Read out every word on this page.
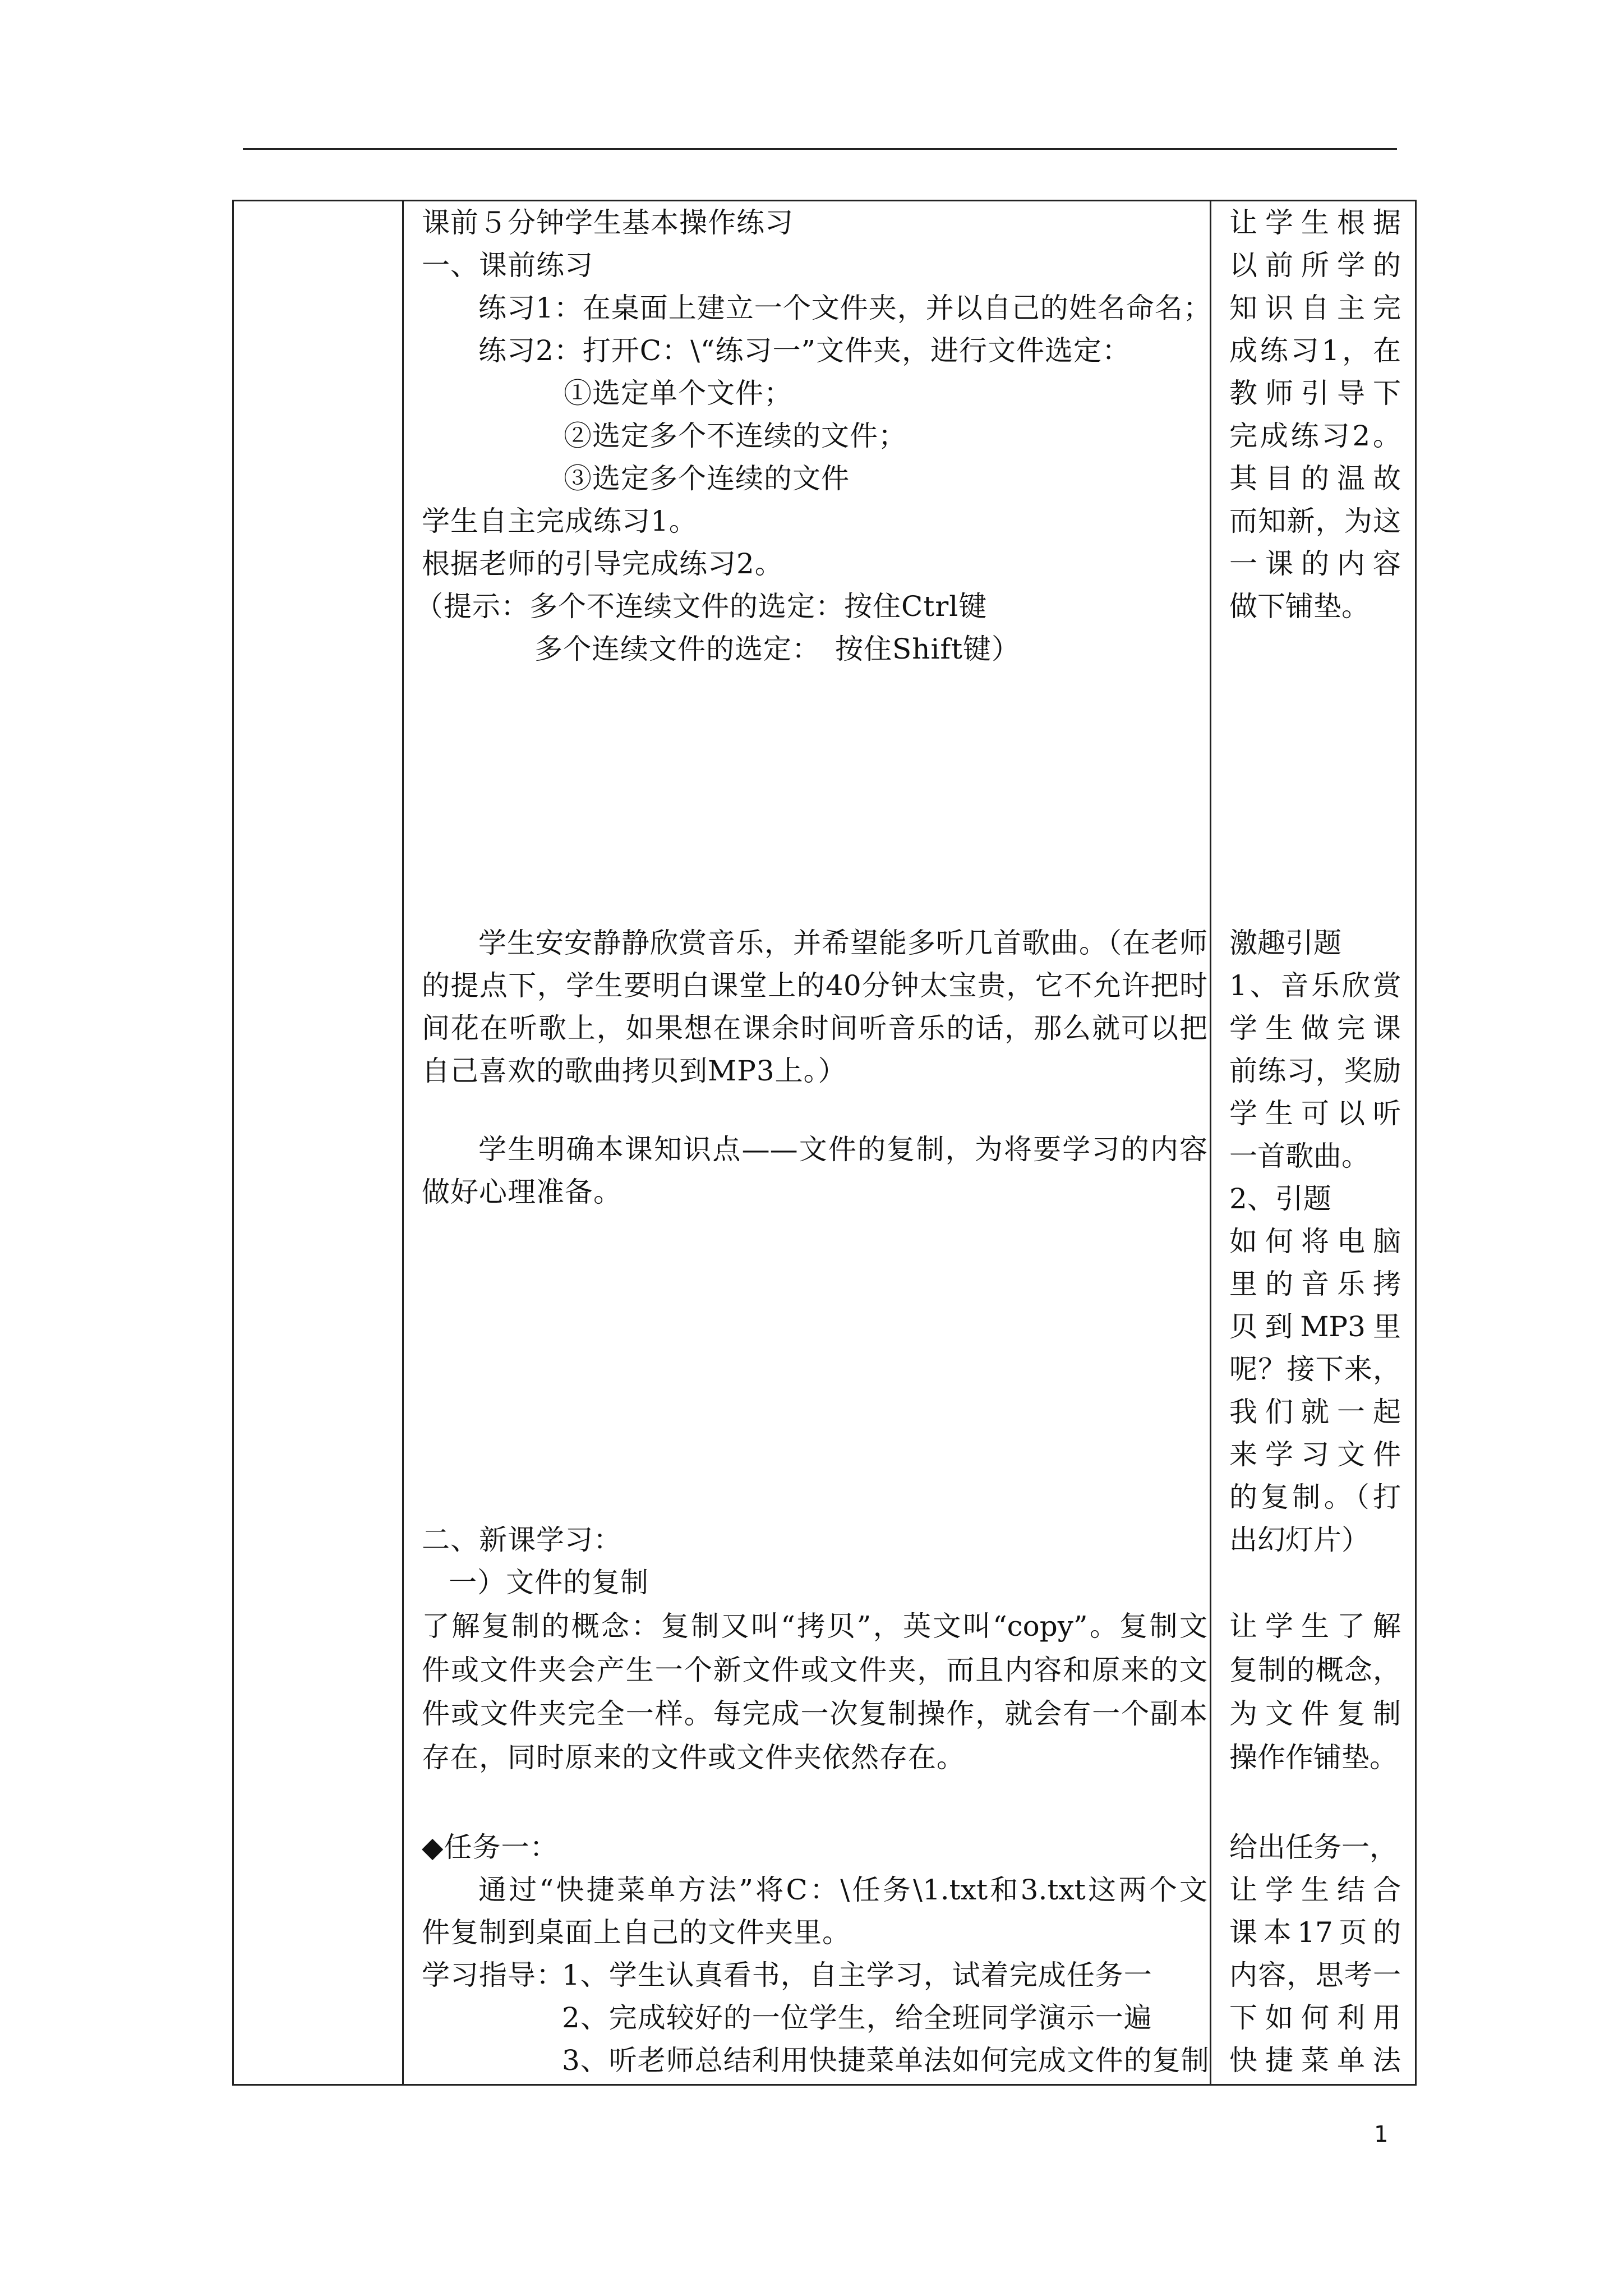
课前５分钟学生基本操作练习
一、课前练习
练习1：在桌面上建立一个文件夹，并以自己的姓名命名；
练习2：打开C：\“练习一”文件夹，进行文件选定：
①选定单个文件；
②选定多个不连续的文件；
③选定多个连续的文件
学生自主完成练习1。
根据老师的引导完成练习2。
（提示：多个不连续文件的选定：按住Ctrl键
多个连续文件的选定：　按住Shift键）
学生安安静静欣赏音乐，并希望能多听几首歌曲。（在老师
的提点下，学生要明白课堂上的40分钟太宝贵，它不允许把时
间花在听歌上，如果想在课余时间听音乐的话，那么就可以把
自己喜欢的歌曲拷贝到MP3上。）
学生明确本课知识点——文件的复制，为将要学习的内容
做好心理准备。
二、新课学习：
一）文件的复制
了解复制的概念：复制又叫“拷贝”，英文叫“copy”。复制文
件或文件夹会产生一个新文件或文件夹，而且内容和原来的文
件或文件夹完全一样。每完成一次复制操作，就会有一个副本
存在，同时原来的文件或文件夹依然存在。
◆任务一：
通过“快捷菜单方法”将C：\任务\1.txt和3.txt这两个文
件复制到桌面上自己的文件夹里。
学习指导：
1、学生认真看书，自主学习，试着完成任务一
2、完成较好的一位学生，给全班同学演示一遍
3、听老师总结利用快捷菜单法如何完成文件的复制
让学生根据
以前所学的
知识自主完
成练习1，在
教师引导下
完成练习2。
其目的温故
而知新，为这
一课的内容
做下铺垫。
激趣引题
1、音乐欣赏
学生做完课
前练习，奖励
学生可以听
一首歌曲。
2、引题
如何将电脑
里的音乐拷
贝到MP3里
呢？接下来，
我们就一起
来学习文件
的复制。（打
出幻灯片）
让学生了解
复制的概念，
为文件复制
操作作铺垫。
给出任务一，
让学生结合
课本17页的
内容，思考一
下如何利用
快捷菜单法
1
